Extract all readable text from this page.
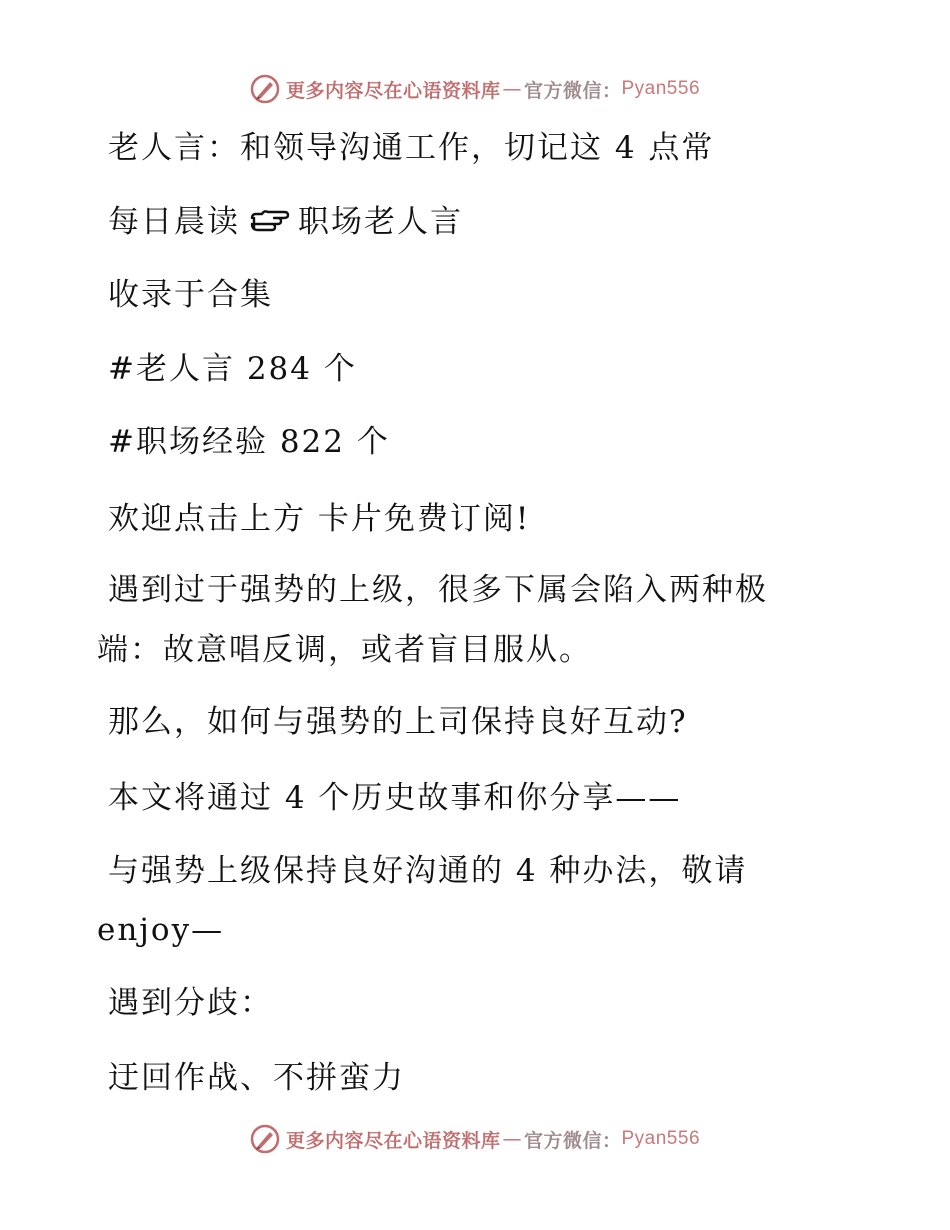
更多内容尽在心语资料库 — 官方微信： Pyan556
老人言：和领导沟通工作，切记这 4 点常
每日晨读 职场老人言
收录于合集
#老人言 284 个
#职场经验 822 个
欢迎点击上方 卡片免费订阅!
遇到过于强势的上级，很多下属会陷入两种极
端：故意唱反调，或者盲目服从。
那么，如何与强势的上司保持良好互动?
本文将通过 4 个历史故事和你分享——
与强势上级保持良好沟通的 4 种办法，敬请
enjoy—
遇到分歧：
迂回作战、不拼蛮力
更多内容尽在心语资料库 — 官方微信： Pyan556
